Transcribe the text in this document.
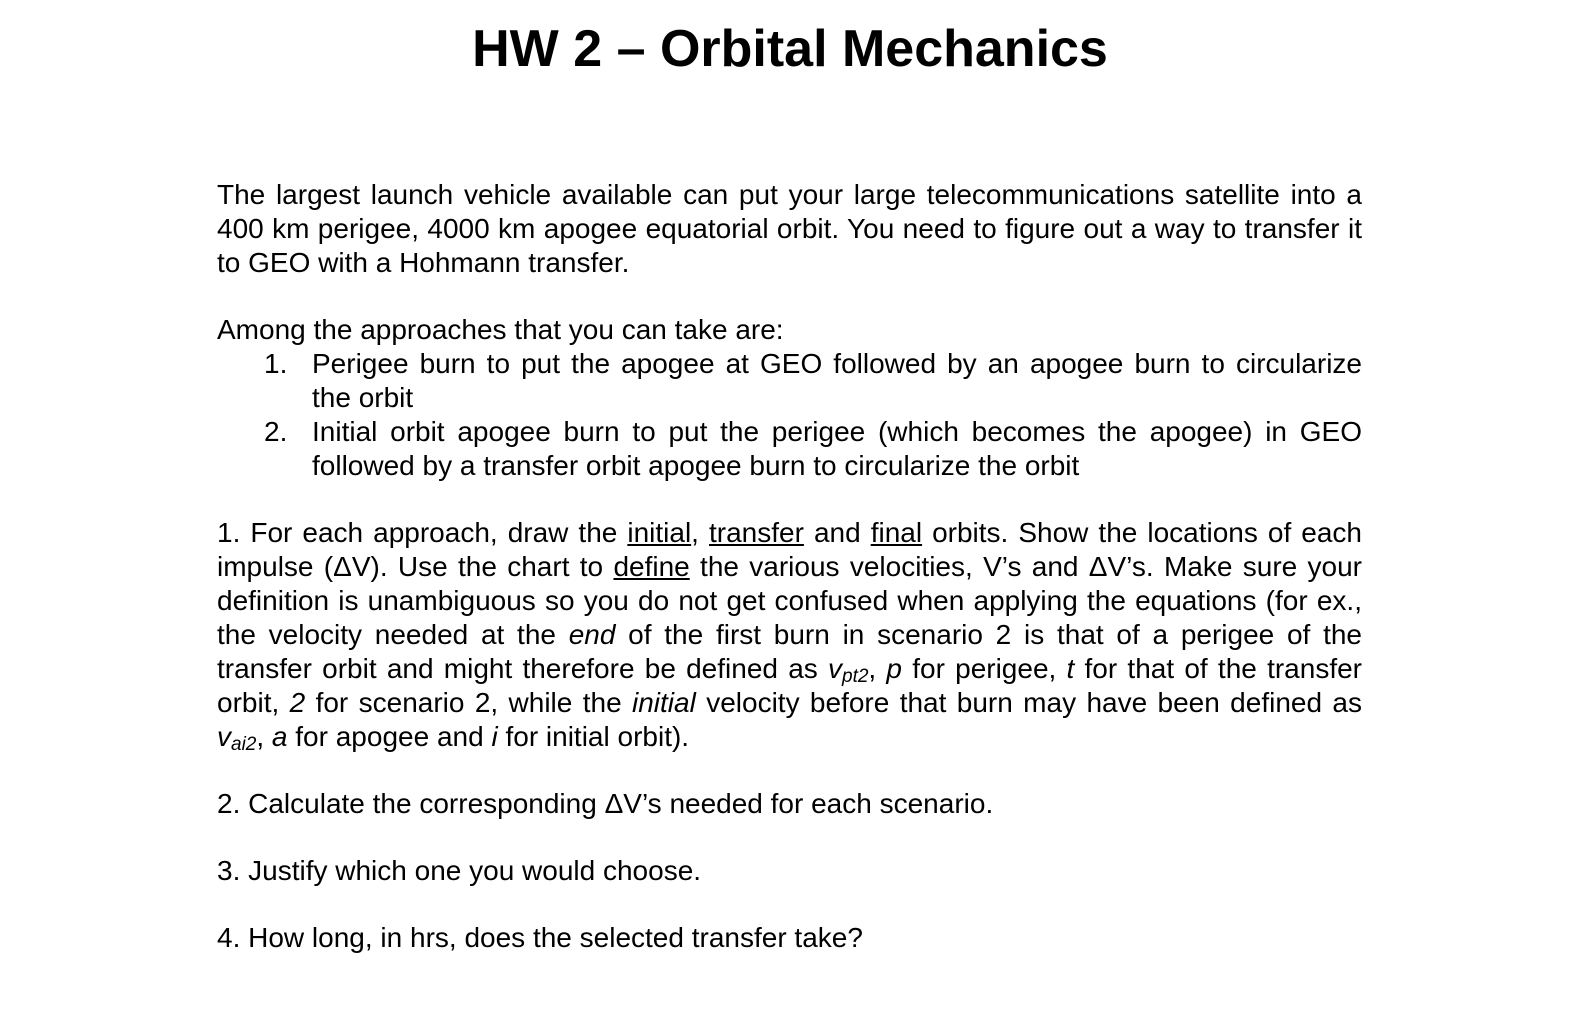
HW 2 – Orbital Mechanics

The largest launch vehicle available can put your large telecommunications satellite into a 400 km perigee, 4000 km apogee equatorial orbit. You need to figure out a way to transfer it to GEO with a Hohmann transfer.

Among the approaches that you can take are:

1. Perigee burn to put the apogee at GEO followed by an apogee burn to circularize the orbit
2. Initial orbit apogee burn to put the perigee (which becomes the apogee) in GEO followed by a transfer orbit apogee burn to circularize the orbit

1. For each approach, draw the initial, transfer and final orbits. Show the locations of each impulse (ΔV). Use the chart to define the various velocities, V’s and ΔV’s. Make sure your definition is unambiguous so you do not get confused when applying the equations (for ex., the velocity needed at the end of the first burn in scenario 2 is that of a perigee of the transfer orbit and might therefore be defined as $v_{pt2}$, p for perigee, t for that of the transfer orbit, 2 for scenario 2, while the initial velocity before that burn may have been defined as $v_{ai2}$, a for apogee and i for initial orbit).

2. Calculate the corresponding ΔV’s needed for each scenario.

3. Justify which one you would choose.

4. How long, in hrs, does the selected transfer take?
